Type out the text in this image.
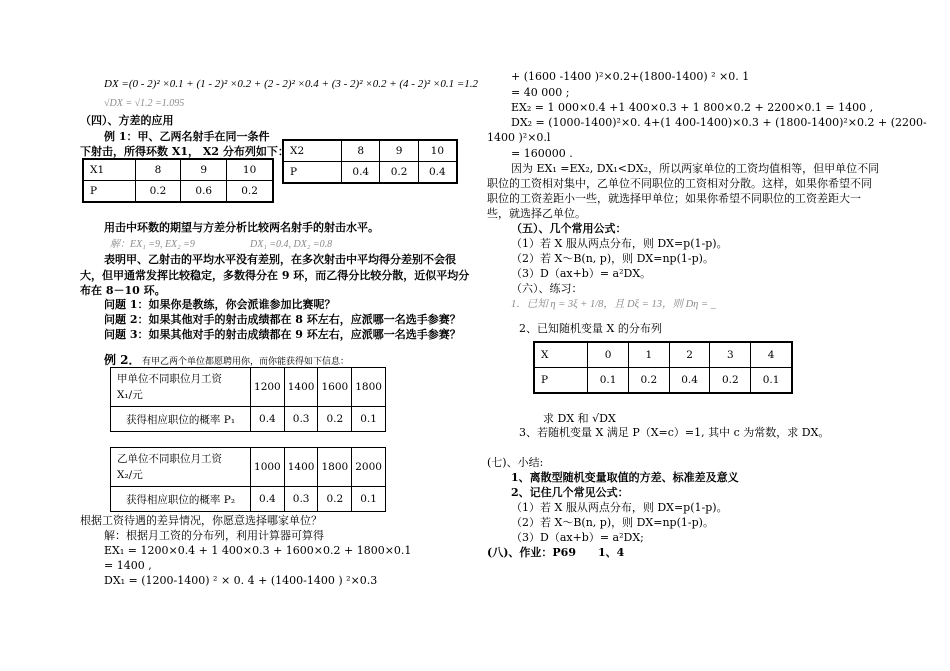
DX =(0 - 2)² ×0.1 + (1 - 2)² ×0.2 + (2 - 2)² ×0.4 + (3 - 2)² ×0.2 + (4 - 2)² ×0.1 =1.2
√DX = √1.2 =1.095
（四）、方差的应用
例 1：甲、乙两名射手在同一条件
下射击，所得环数 X1， X2 分布列如下：
X1	8	9	10
P	0.2	0.6	0.2
X2	8	9	10
P	0.4	0.2	0.4
用击中环数的期望与方差分析比较两名射手的射击水平。
解：EX₁ =9, EX₂ =9	DX₁ =0.4, DX₂ =0.8
表明甲、乙射击的平均水平没有差别，在多次射击中平均得分差别不会很
大，但甲通常发挥比较稳定，多数得分在 9 环，而乙得分比较分散，近似平均分
布在 8－10 环。
问题 1：如果你是教练，你会派谁参加比赛呢？
问题 2：如果其他对手的射击成绩都在 8 环左右，应派哪一名选手参赛？
问题 3：如果其他对手的射击成绩都在 9 环左右，应派哪一名选手参赛？
例 2． 有甲乙两个单位都愿聘用你，而你能获得如下信息：
甲单位不同职位月工资
X₁/元	1200	1400	1600	1800
获得相应职位的概率 P₁	0.4	0.3	0.2	0.1
乙单位不同职位月工资
X₂/元	1000	1400	1800	2000
获得相应职位的概率 P₂	0.4	0.3	0.2	0.1
根据工资待遇的差异情况，你愿意选择哪家单位？
解：根据月工资的分布列，利用计算器可算得
EX₁ = 1200×0.4 + 1 400×0.3 + 1600×0.2 + 1800×0.1
= 1400 ,
DX₁ = (1200-1400) ² × 0. 4 + (1400-1400 ) ²×0.3
+ (1600 -1400 )²×0.2+(1800-1400) ² ×0. 1
= 40 000 ;
EX₂ = 1 000×0.4 +1 400×0.3 + 1 800×0.2 + 2200×0.1 = 1400 ,
DX₂ = (1000-1400)²×0. 4+(1 400-1400)×0.3 + (1800-1400)²×0.2 + (2200-
1400 )²×0.l
= 160000 .
因为 EX₁ =EX₂, DX₁<DX₂，所以两家单位的工资均值相等，但甲单位不同
职位的工资相对集中，乙单位不同职位的工资相对分散。这样，如果你希望不同
职位的工资差距小一些，就选择甲单位；如果你希望不同职位的工资差距大一
些，就选择乙单位。
（五）、几个常用公式：
（1）若 X 服从两点分布，则 DX=p(1-p)。
（2）若 X～B(n, p)，则 DX=np(1-p)。
（3）D（ax+b）= a²DX。
（六）、练习：
1．已知 η = 3ξ + 1/8，且 Dξ = 13，则 Dη = _
2、已知随机变量 X 的分布列
X	0	1	2	3	4
P	0.1	0.2	0.4	0.2	0.1
求 DX 和 √DX
3、若随机变量 X 满足 P（X=c）=1, 其中 c 为常数，求 DX。
(七)、小结:
1、离散型随机变量取值的方差、标准差及意义
2、记住几个常见公式：
（1）若 X 服从两点分布，则 DX=p(1-p)。
（2）若 X～B(n, p)，则 DX=np(1-p)。
（3）D（ax+b）= a²DX;
(八)、作业：P69　　1、4
